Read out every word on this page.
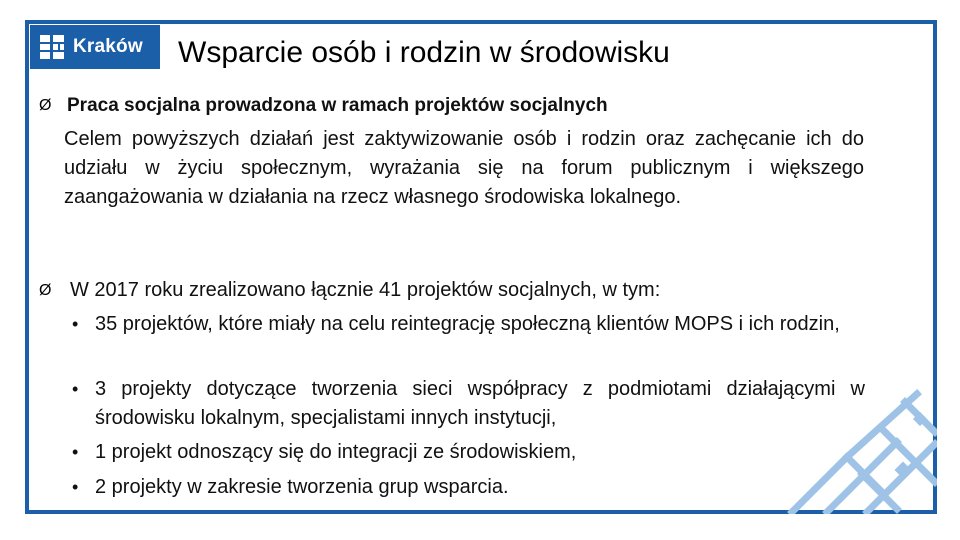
Kraków Wsparcie osób i rodzin w środowisku
Ø Praca socjalna prowadzona w ramach projektów socjalnych
Celem powyższych działań jest zaktywizowanie osób i rodzin oraz zachęcanie ich do udziału w życiu społecznym, wyrażania się na forum publicznym i większego zaangażowania w działania na rzecz własnego środowiska lokalnego.
Ø W 2017 roku zrealizowano łącznie 41 projektów socjalnych, w tym:
• 35 projektów, które miały na celu reintegrację społeczną klientów MOPS i ich rodzin,
• 3 projekty dotyczące tworzenia sieci współpracy z podmiotami działającymi w środowisku lokalnym, specjalistami innych instytucji,
• 1 projekt odnoszący się do integracji ze środowiskiem,
• 2 projekty w zakresie tworzenia grup wsparcia.
